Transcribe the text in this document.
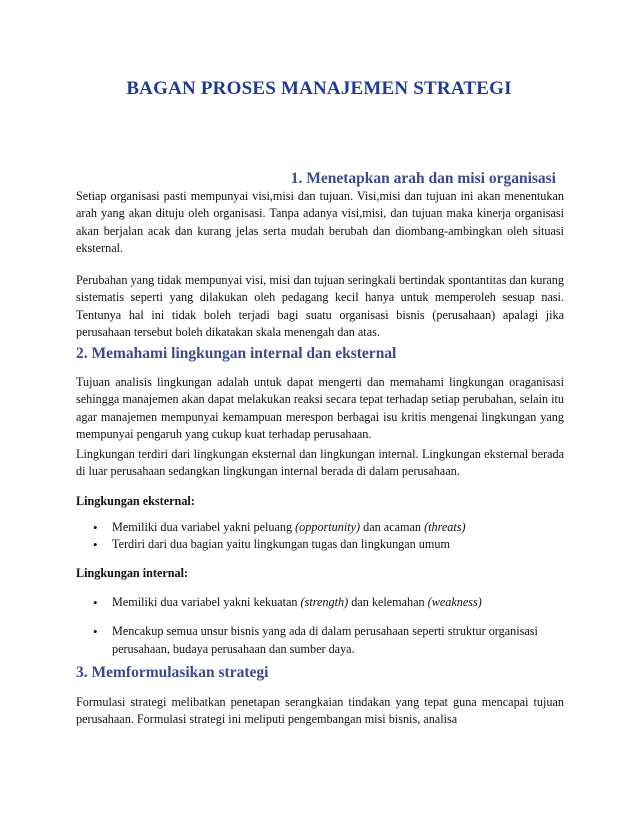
BAGAN PROSES MANAJEMEN STRATEGI
1. Menetapkan arah dan misi organisasi
Setiap organisasi pasti mempunyai visi,misi dan tujuan. Visi,misi dan tujuan ini akan menentukan arah yang akan dituju oleh organisasi. Tanpa adanya visi,misi, dan tujuan maka kinerja organisasi akan berjalan acak dan kurang jelas serta mudah berubah dan diombang-ambingkan oleh situasi eksternal.
Perubahan yang tidak mempunyai visi, misi dan tujuan seringkali bertindak spontantitas dan kurang sistematis seperti yang dilakukan oleh pedagang kecil hanya untuk memperoleh sesuap nasi. Tentunya hal ini tidak boleh terjadi bagi suatu organisasi bisnis (perusahaan) apalagi jika perusahaan tersebut boleh dikatakan skala menengah dan atas.
2. Memahami lingkungan internal dan eksternal
Tujuan analisis lingkungan adalah untuk dapat mengerti dan memahami lingkungan oraganisasi sehingga manajemen akan dapat melakukan reaksi secara tepat terhadap setiap perubahan, selain itu agar manajemen mempunyai kemampuan merespon berbagai isu kritis mengenai lingkungan yang mempunyai pengaruh yang cukup kuat terhadap perusahaan.
Lingkungan terdiri dari lingkungan eksternal dan lingkungan internal. Lingkungan eksternal berada di luar perusahaan sedangkan lingkungan internal berada di dalam perusahaan.
Lingkungan eksternal:
• Memiliki dua variabel yakni peluang (opportunity) dan acaman (threats)
• Terdiri dari dua bagian yaitu lingkungan tugas dan lingkungan umum
Lingkungan internal:
• Memiliki dua variabel yakni kekuatan (strength) dan kelemahan (weakness)
• Mencakup semua unsur bisnis yang ada di dalam perusahaan seperti struktur organisasi perusahaan, budaya perusahaan dan sumber daya.
3. Memformulasikan strategi
Formulasi strategi melibatkan penetapan serangkaian tindakan yang tepat guna mencapai tujuan perusahaan. Formulasi strategi ini meliputi pengembangan misi bisnis, analisa
